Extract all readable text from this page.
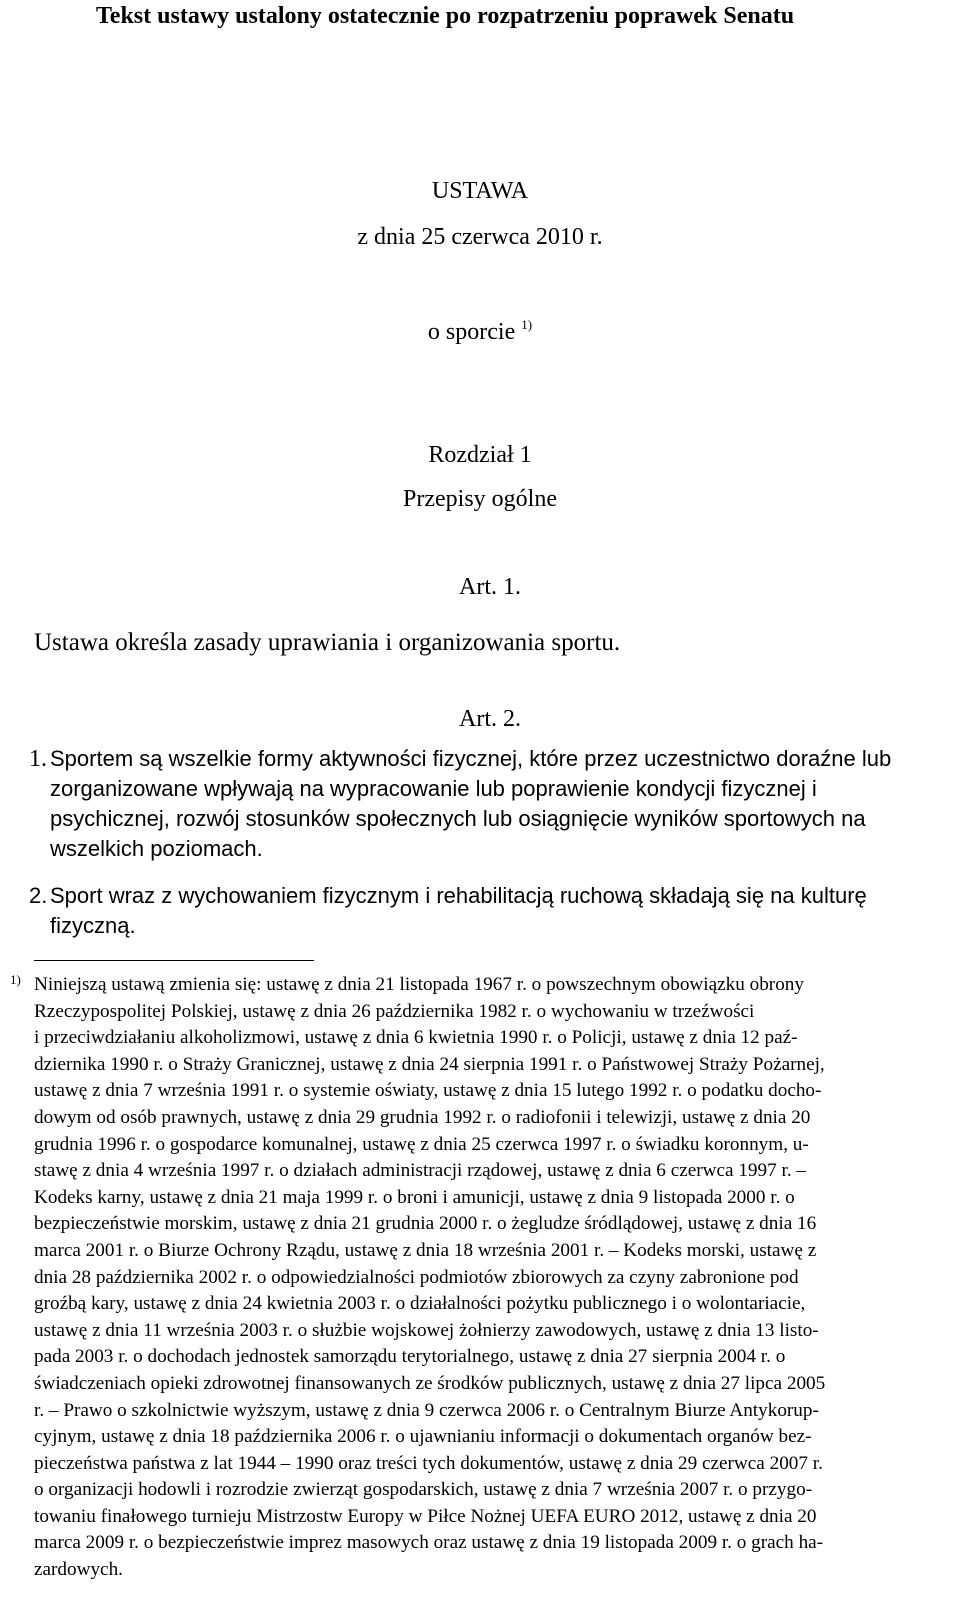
Tekst ustawy ustalony ostatecznie po rozpatrzeniu poprawek Senatu
USTAWA
z dnia 25 czerwca 2010 r.
o sporcie $^{1)}$
Rozdział 1
Przepisy ogólne
Art. 1.
Ustawa określa zasady uprawiania i organizowania sportu.
Art. 2.
1. Sportem są wszelkie formy aktywności fizycznej, które przez uczestnictwo doraźne lub zorganizowane wpływają na wypracowanie lub poprawienie kondycji fizycznej i psychicznej, rozwój stosunków społecznych lub osiągnięcie wyników sportowych na wszelkich poziomach.
2. Sport wraz z wychowaniem fizycznym i rehabilitacją ruchową składają się na kulturę fizyczną.
1) Niniejszą ustawą zmienia się: ustawę z dnia 21 listopada 1967 r. o powszechnym obowiązku obrony
Rzeczypospolitej Polskiej, ustawę z dnia 26 października 1982 r. o wychowaniu w trzeźwości
i przeciwdziałaniu alkoholizmowi, ustawę z dnia 6 kwietnia 1990 r. o Policji, ustawę z dnia 12 paź-
dziernika 1990 r. o Straży Granicznej, ustawę z dnia 24 sierpnia 1991 r. o Państwowej Straży Pożarnej,
ustawę z dnia 7 września 1991 r. o systemie oświaty, ustawę z dnia 15 lutego 1992 r. o podatku docho-
dowym od osób prawnych, ustawę z dnia 29 grudnia 1992 r. o radiofonii i telewizji, ustawę z dnia 20
grudnia 1996 r. o gospodarce komunalnej, ustawę z dnia 25 czerwca 1997 r. o świadku koronnym, u-
stawę z dnia 4 września 1997 r. o działach administracji rządowej, ustawę z dnia 6 czerwca 1997 r. –
Kodeks karny, ustawę z dnia 21 maja 1999 r. o broni i amunicji, ustawę z dnia 9 listopada 2000 r. o
bezpieczeństwie morskim, ustawę z dnia 21 grudnia 2000 r. o żegludze śródlądowej, ustawę z dnia 16
marca 2001 r. o Biurze Ochrony Rządu, ustawę z dnia 18 września 2001 r. – Kodeks morski, ustawę z
dnia 28 października 2002 r. o odpowiedzialności podmiotów zbiorowych za czyny zabronione pod
groźbą kary, ustawę z dnia 24 kwietnia 2003 r. o działalności pożytku publicznego i o wolontariacie,
ustawę z dnia 11 września 2003 r. o służbie wojskowej żołnierzy zawodowych, ustawę z dnia 13 listo-
pada 2003 r. o dochodach jednostek samorządu terytorialnego, ustawę z dnia 27 sierpnia 2004 r. o
świadczeniach opieki zdrowotnej finansowanych ze środków publicznych, ustawę z dnia 27 lipca 2005
r. – Prawo o szkolnictwie wyższym, ustawę z dnia 9 czerwca 2006 r. o Centralnym Biurze Antykorup-
cyjnym, ustawę z dnia 18 października 2006 r. o ujawnianiu informacji o dokumentach organów bez-
pieczeństwa państwa z lat 1944 – 1990 oraz treści tych dokumentów, ustawę z dnia 29 czerwca 2007 r.
o organizacji hodowli i rozrodzie zwierząt gospodarskich, ustawę z dnia 7 września 2007 r. o przygo-
towaniu finałowego turnieju Mistrzostw Europy w Piłce Nożnej UEFA EURO 2012, ustawę z dnia 20
marca 2009 r. o bezpieczeństwie imprez masowych oraz ustawę z dnia 19 listopada 2009 r. o grach ha-
zardowych.
